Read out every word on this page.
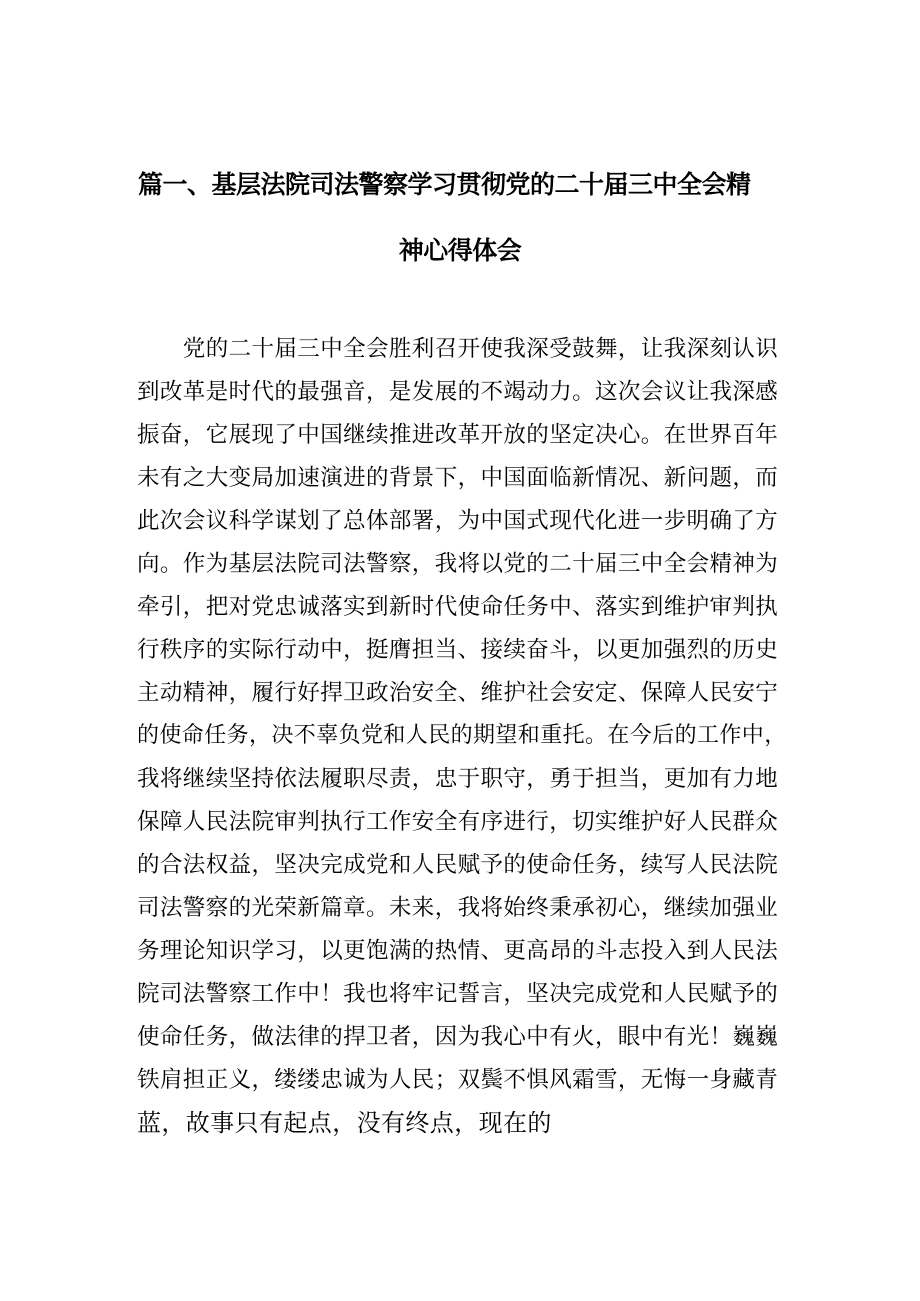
篇一、基层法院司法警察学习贯彻党的二十届三中全会精
神心得体会
　　党的二十届三中全会胜利召开使我深受鼓舞，让我深刻认识
到改革是时代的最强音，是发展的不竭动力。这次会议让我深感
振奋，它展现了中国继续推进改革开放的坚定决心。在世界百年
未有之大变局加速演进的背景下，中国面临新情况、新问题，而
此次会议科学谋划了总体部署，为中国式现代化进一步明确了方
向。作为基层法院司法警察，我将以党的二十届三中全会精神为
牵引，把对党忠诚落实到新时代使命任务中、落实到维护审判执
行秩序的实际行动中，挺膺担当、接续奋斗，以更加强烈的历史
主动精神，履行好捍卫政治安全、维护社会安定、保障人民安宁
的使命任务，决不辜负党和人民的期望和重托。在今后的工作中，
我将继续坚持依法履职尽责，忠于职守，勇于担当，更加有力地
保障人民法院审判执行工作安全有序进行，切实维护好人民群众
的合法权益，坚决完成党和人民赋予的使命任务，续写人民法院
司法警察的光荣新篇章。未来，我将始终秉承初心，继续加强业
务理论知识学习，以更饱满的热情、更高昂的斗志投入到人民法
院司法警察工作中！我也将牢记誓言，坚决完成党和人民赋予的
使命任务，做法律的捍卫者，因为我心中有火，眼中有光！巍巍
铁肩担正义，缕缕忠诚为人民；双鬓不惧风霜雪，无悔一身藏青
蓝，故事只有起点，没有终点，现在的
